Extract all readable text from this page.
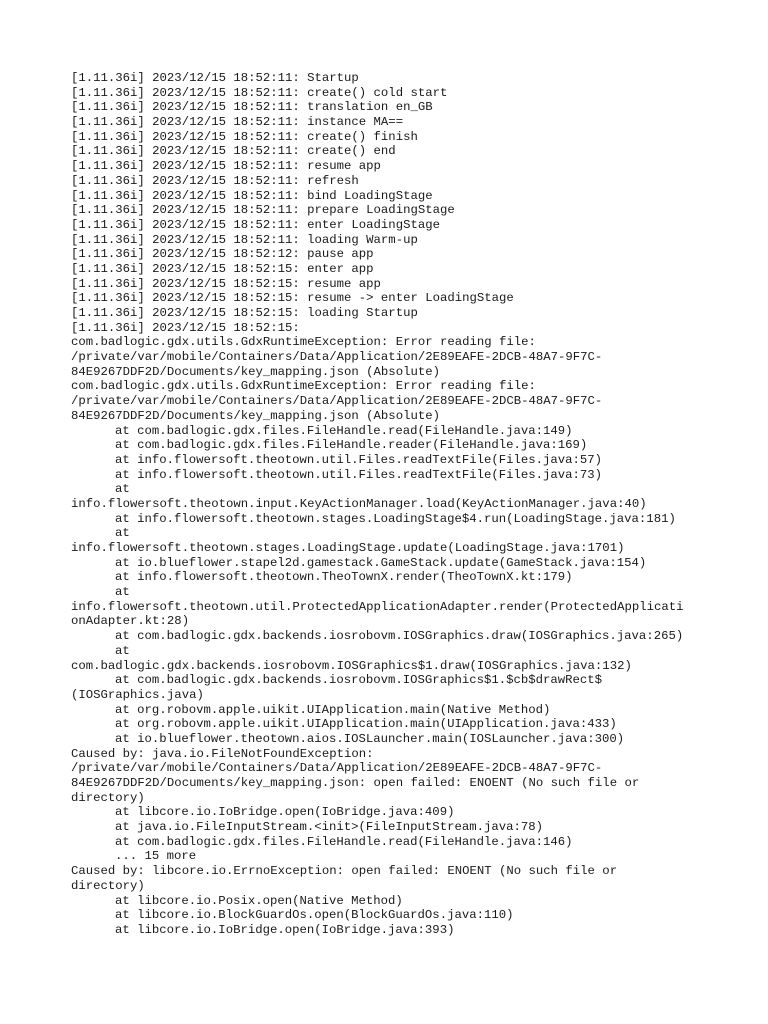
[1.11.36i] 2023/12/15 18:52:11: Startup
[1.11.36i] 2023/12/15 18:52:11: create() cold start
[1.11.36i] 2023/12/15 18:52:11: translation en_GB
[1.11.36i] 2023/12/15 18:52:11: instance MA==
[1.11.36i] 2023/12/15 18:52:11: create() finish
[1.11.36i] 2023/12/15 18:52:11: create() end
[1.11.36i] 2023/12/15 18:52:11: resume app
[1.11.36i] 2023/12/15 18:52:11: refresh
[1.11.36i] 2023/12/15 18:52:11: bind LoadingStage
[1.11.36i] 2023/12/15 18:52:11: prepare LoadingStage
[1.11.36i] 2023/12/15 18:52:11: enter LoadingStage
[1.11.36i] 2023/12/15 18:52:11: loading Warm-up
[1.11.36i] 2023/12/15 18:52:12: pause app
[1.11.36i] 2023/12/15 18:52:15: enter app
[1.11.36i] 2023/12/15 18:52:15: resume app
[1.11.36i] 2023/12/15 18:52:15: resume -> enter LoadingStage
[1.11.36i] 2023/12/15 18:52:15: loading Startup
[1.11.36i] 2023/12/15 18:52:15:
com.badlogic.gdx.utils.GdxRuntimeException: Error reading file:
/private/var/mobile/Containers/Data/Application/2E89EAFE-2DCB-48A7-9F7C-
84E9267DDF2D/Documents/key_mapping.json (Absolute)
com.badlogic.gdx.utils.GdxRuntimeException: Error reading file:
/private/var/mobile/Containers/Data/Application/2E89EAFE-2DCB-48A7-9F7C-
84E9267DDF2D/Documents/key_mapping.json (Absolute)
at com.badlogic.gdx.files.FileHandle.read(FileHandle.java:149)
at com.badlogic.gdx.files.FileHandle.reader(FileHandle.java:169)
at info.flowersoft.theotown.util.Files.readTextFile(Files.java:57)
at info.flowersoft.theotown.util.Files.readTextFile(Files.java:73)
at
info.flowersoft.theotown.input.KeyActionManager.load(KeyActionManager.java:40)
at info.flowersoft.theotown.stages.LoadingStage$4.run(LoadingStage.java:181)
at
info.flowersoft.theotown.stages.LoadingStage.update(LoadingStage.java:1701)
at io.blueflower.stapel2d.gamestack.GameStack.update(GameStack.java:154)
at info.flowersoft.theotown.TheoTownX.render(TheoTownX.kt:179)
at
info.flowersoft.theotown.util.ProtectedApplicationAdapter.render(ProtectedApplicati
onAdapter.kt:28)
at com.badlogic.gdx.backends.iosrobovm.IOSGraphics.draw(IOSGraphics.java:265)
at
com.badlogic.gdx.backends.iosrobovm.IOSGraphics$1.draw(IOSGraphics.java:132)
at com.badlogic.gdx.backends.iosrobovm.IOSGraphics$1.$cb$drawRect$
(IOSGraphics.java)
at org.robovm.apple.uikit.UIApplication.main(Native Method)
at org.robovm.apple.uikit.UIApplication.main(UIApplication.java:433)
at io.blueflower.theotown.aios.IOSLauncher.main(IOSLauncher.java:300)
Caused by: java.io.FileNotFoundException:
/private/var/mobile/Containers/Data/Application/2E89EAFE-2DCB-48A7-9F7C-
84E9267DDF2D/Documents/key_mapping.json: open failed: ENOENT (No such file or
directory)
at libcore.io.IoBridge.open(IoBridge.java:409)
at java.io.FileInputStream.<init>(FileInputStream.java:78)
at com.badlogic.gdx.files.FileHandle.read(FileHandle.java:146)
... 15 more
Caused by: libcore.io.ErrnoException: open failed: ENOENT (No such file or
directory)
at libcore.io.Posix.open(Native Method)
at libcore.io.BlockGuardOs.open(BlockGuardOs.java:110)
at libcore.io.IoBridge.open(IoBridge.java:393)
